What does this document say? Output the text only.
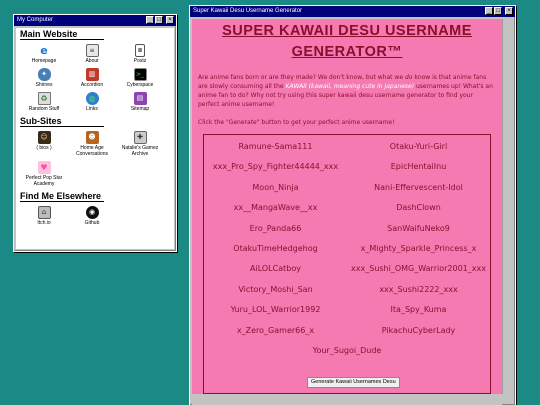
My Computer	_ □	×
Main Website
e
Homepage
≡
About
≣
Postz
✦
Shrines
▥
Accordion
>_
Cyberspace
♻
Random Stuff
◍
Links
▤
Sitemap
Sub-Sites
☺
( bios )
☻
Home Age Conversations
✚
Natalie's Gamez Archive
♥
Perfect Pop Star Academy
Find Me Elsewhere
⌂
Itch.io
◉
Github
Super Kawaii Desu Username Generator	_ □	×
SUPER KAWAII DESU USERNAME GENERATOR™

Are anime fans born or are they made? We don't know, but what we do know is that anime fans are slowly consuming all the KAWAII (kawaii, meaning cute in Japanese) usernames up! What's an anime fan to do? Why not try using this super kawaii desu username generator to find your perfect anime username!

Click the "Generate" button to get your perfect anime username!

Ramune-Sama111	Otaku-Yuri-Girl
xxx_Pro_Spy_Fighter44444_xxx	EpicHentaiInu
Moon_Ninja	Nani-Effervescent-Idol
xx__MangaWave__xx	DashClown
Ero_Panda66	SanWaifuNeko9
OtakuTimeHedgehog	x_Mighty_Sparkle_Princess_x
AiLOLCatboy	xxx_Sushi_OMG_Warrior2001_xxx
Victory_Moshi_San	xxx_Sushi2222_xxx
Yuru_LOL_Warrior1992	Ita_Spy_Kuma
x_Zero_Gamer66_x	PikachuCyberLady
Your_Sugoi_Dude
Generate Kawaii Usernames Desu
